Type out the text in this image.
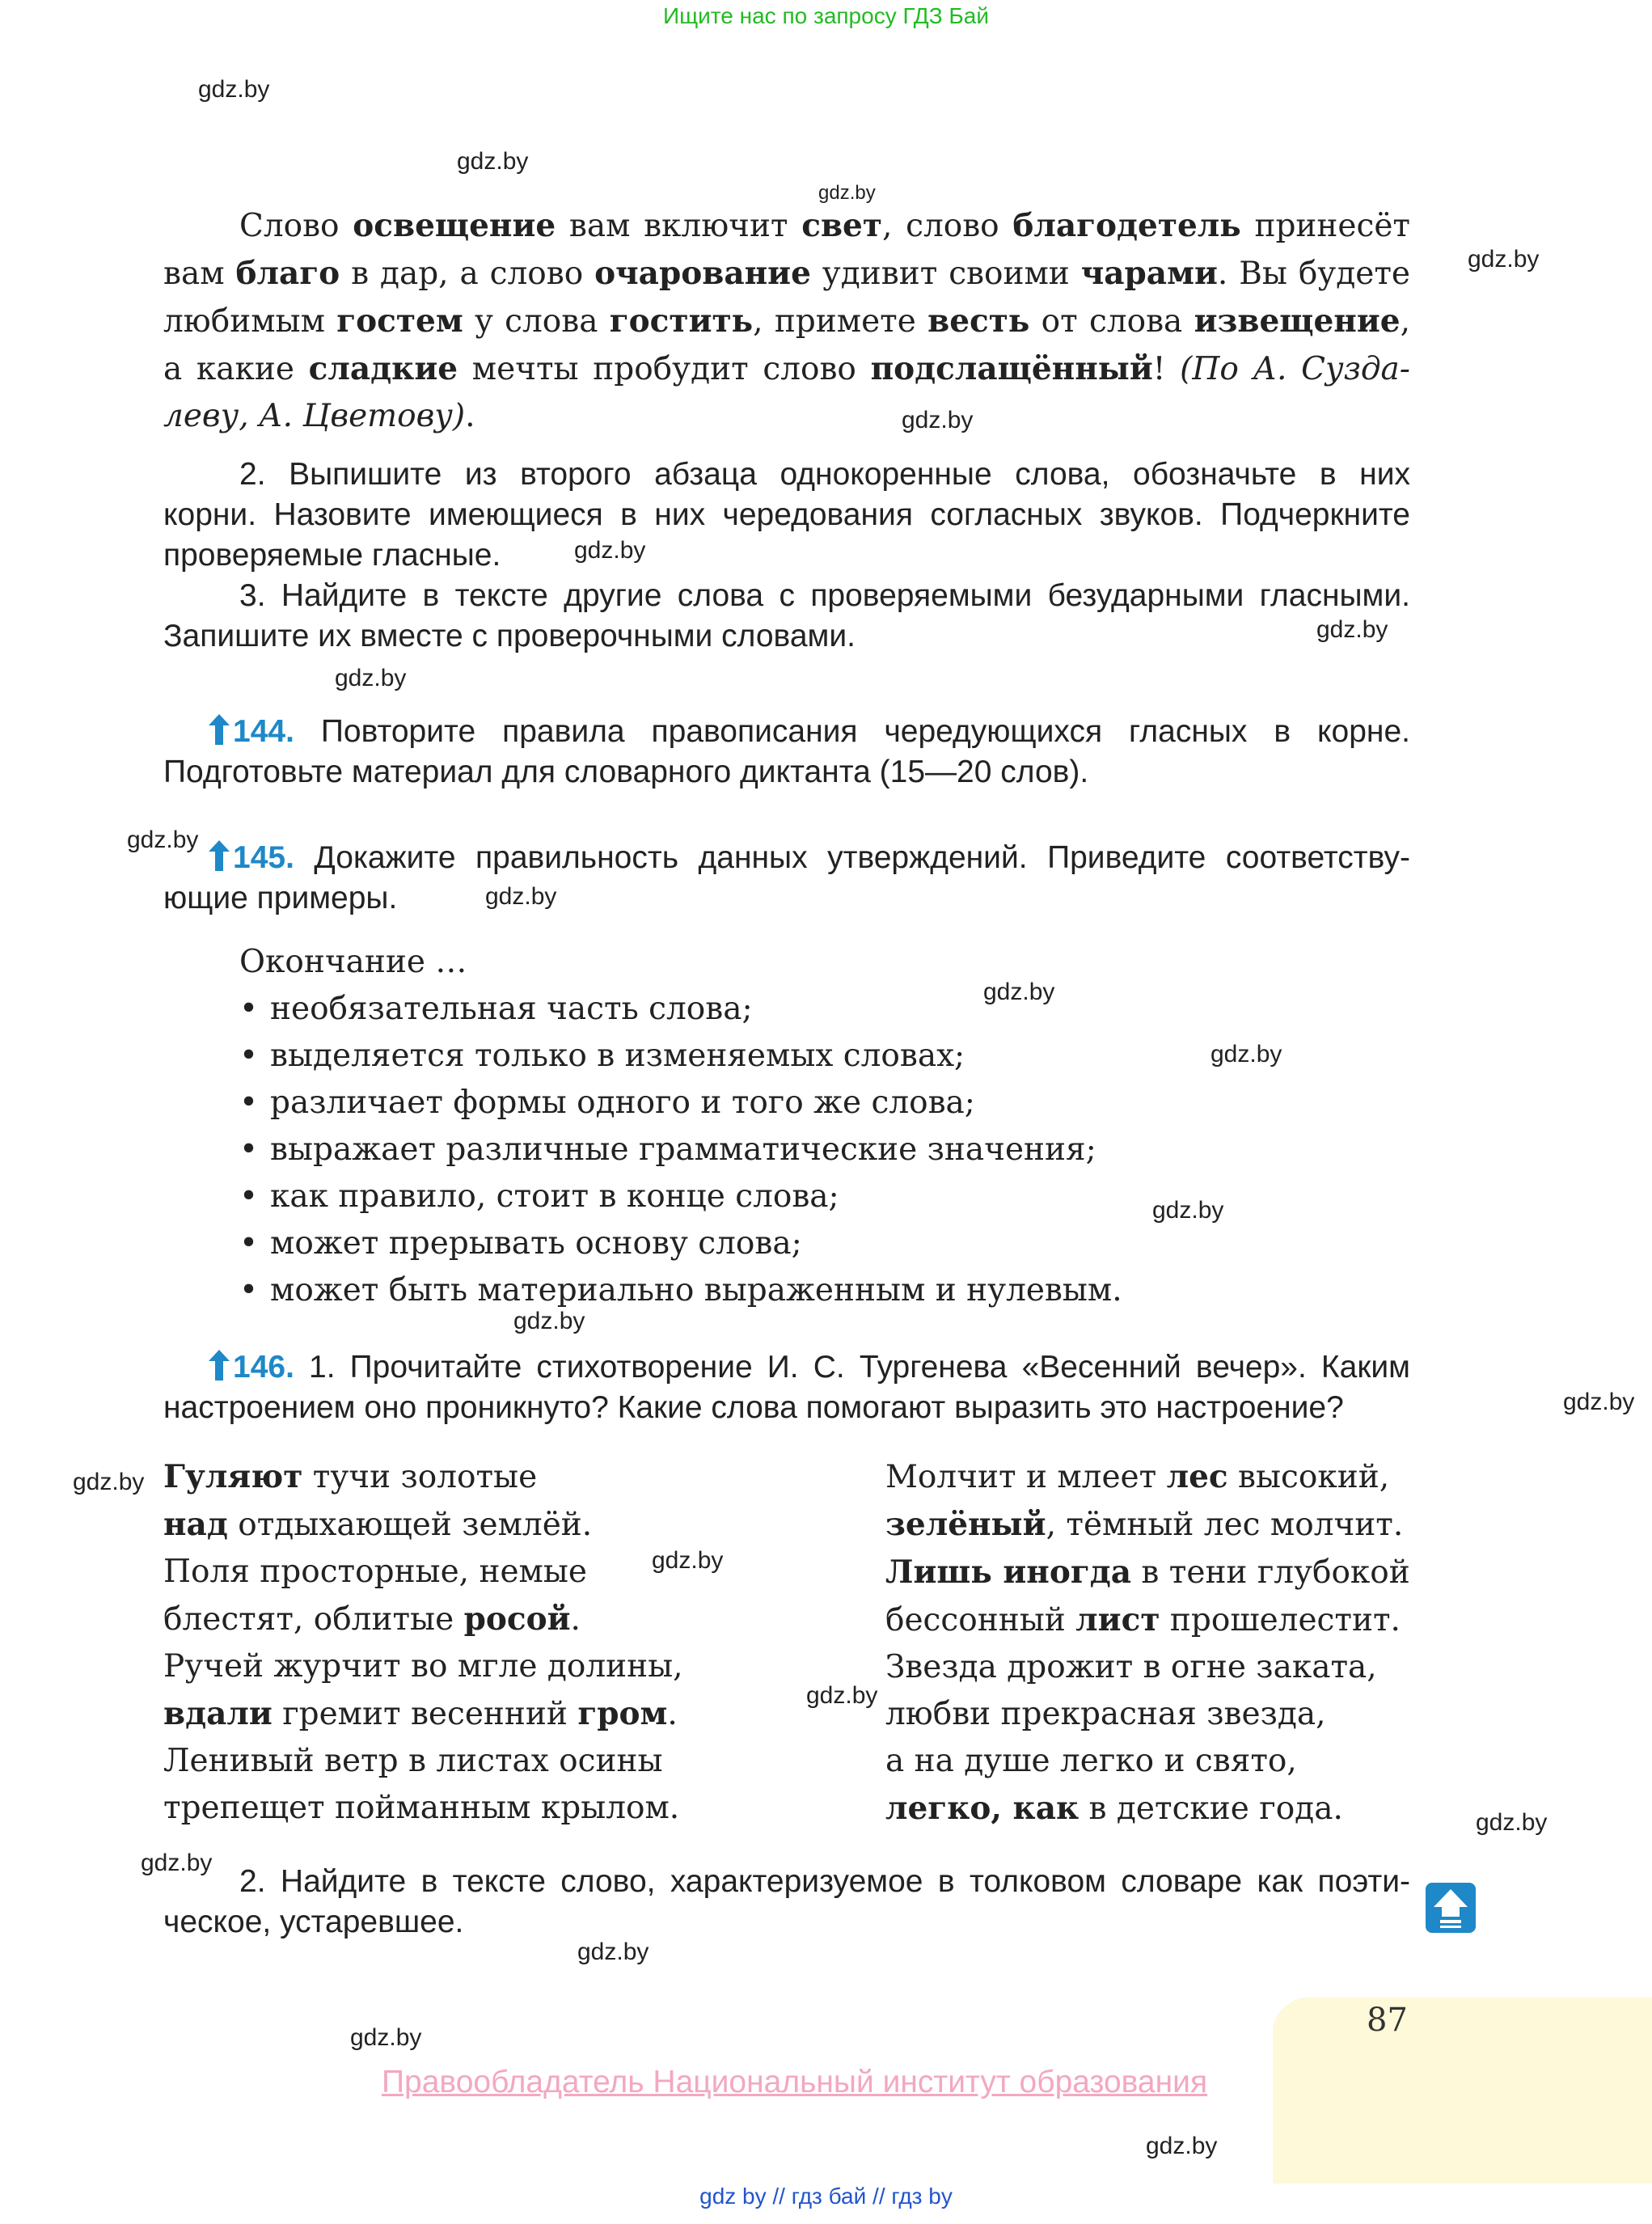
Ищите нас по запросу ГДЗ Бай
gdz.by
gdz.by
gdz.by
gdz.by
gdz.by
gdz.by
gdz.by
gdz.by
gdz.by
gdz.by
gdz.by
gdz.by
gdz.by
gdz.by
gdz.by
gdz.by
gdz.by
gdz.by
gdz.by
gdz.by
gdz.by
gdz.by
gdz.by
Слово освещение вам включит свет, слово благодетель принесёт
вам благо в дар, а слово очарование удивит своими чарами. Вы будете
любимым гостем у слова гостить, примете весть от слова извещение,
а какие сладкие мечты пробудит слово подслащённый! (По А. Сузда-
леву, А. Цветову).
2. Выпишите из второго абзаца однокоренные слова, обозначьте в них
корни. Назовите имеющиеся в них чередования согласных звуков. Подчеркните
проверяемые гласные.
3. Найдите в тексте другие слова с проверяемыми безударными гласными.
Запишите их вместе с проверочными словами.
144. Повторите правила правописания чередующихся гласных в корне.
Подготовьте материал для словарного диктанта (15—20 слов).
145. Докажите правильность данных утверждений. Приведите соответству-
ющие примеры.
Окончание …
• необязательная часть слова;
• выделяется только в изменяемых словах;
• различает формы одного и того же слова;
• выражает различные грамматические значения;
• как правило, стоит в конце слова;
• может прерывать основу слова;
• может быть материально выраженным и нулевым.
146. 1. Прочитайте стихотворение И. С. Тургенева «Весенний вечер». Каким
настроением оно проникнуто? Какие слова помогают выразить это настроение?
Гуляют тучи золотые
над отдыхающей землёй.
Поля просторные, немые
блестят, облитые росой.
Ручей журчит во мгле долины,
вдали гремит весенний гром.
Ленивый ветр в листах осины
трепещет пойманным крылом.
Молчит и млеет лес высокий,
зелёный, тёмный лес молчит.
Лишь иногда в тени глубокой
бессонный лист прошелестит.
Звезда дрожит в огне заката,
любви прекрасная звезда,
а на душе легко и свято,
легко, как в детские года.
2. Найдите в тексте слово, характеризуемое в толковом словаре как поэти-
ческое, устаревшее.
87
Правообладатель Национальный институт образования
gdz by // гдз бай // гдз by
